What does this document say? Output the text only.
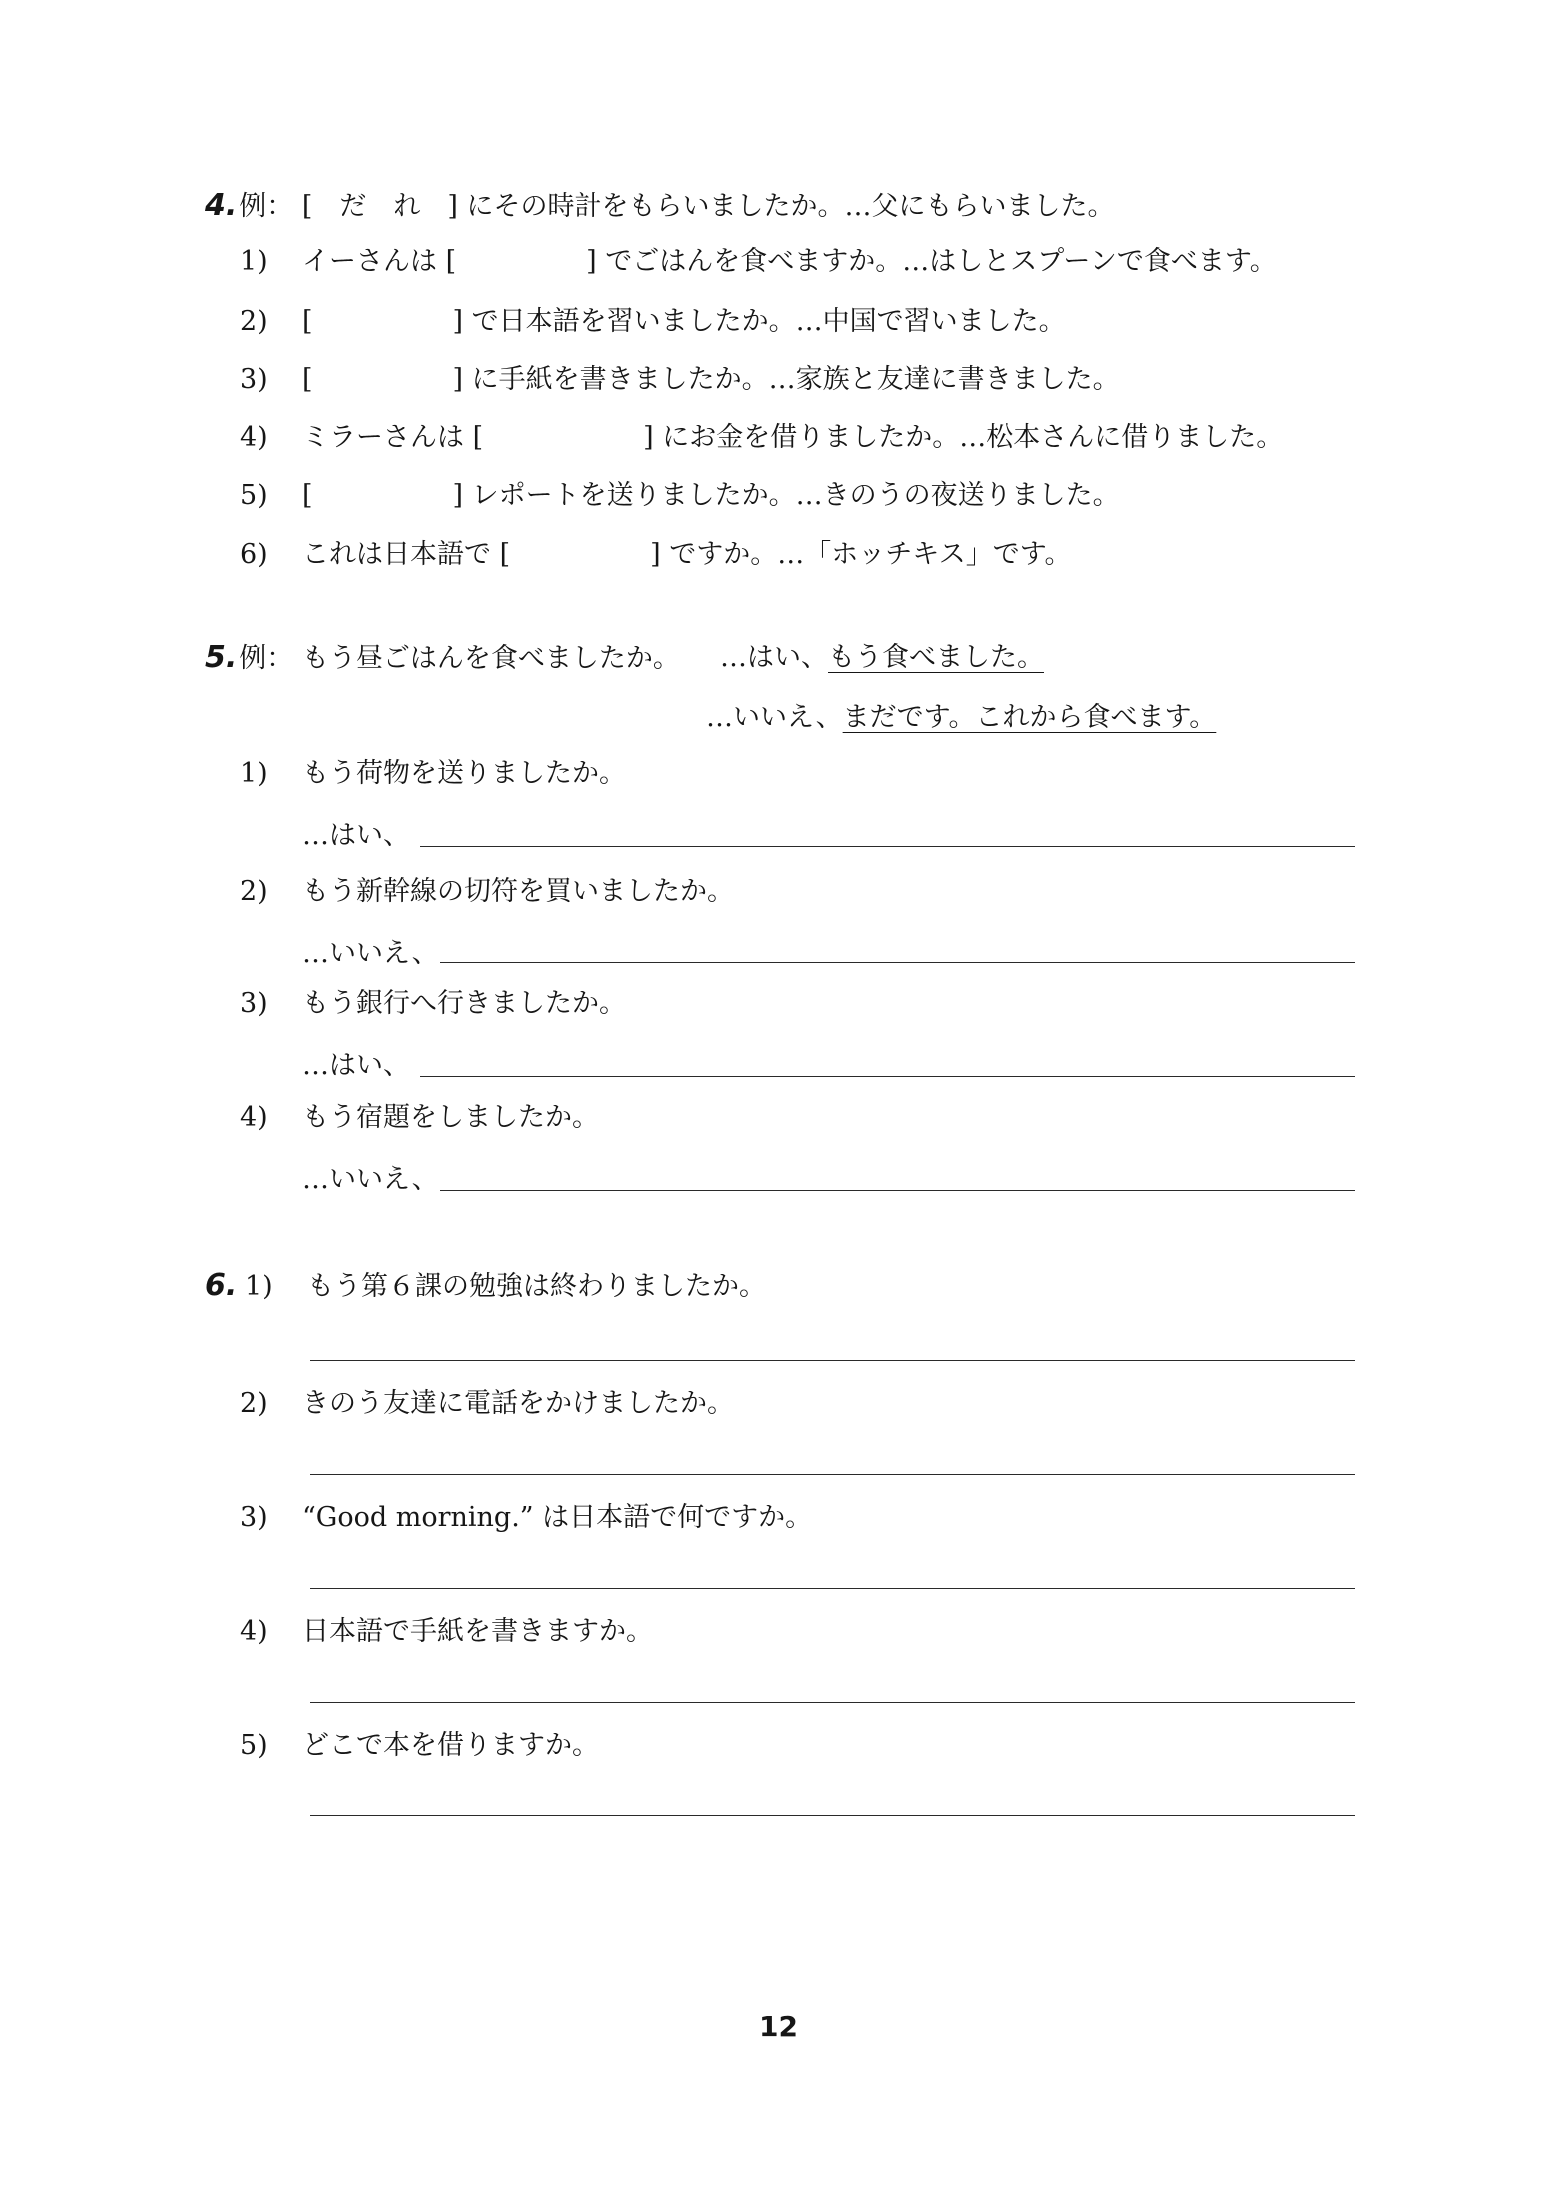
4.例： [　だ　れ　] にその時計をもらいましたか。…父にもらいました。
1) イーさんは [	] でごはんを食べますか。…はしとスプーンで食べます。
2) [	] で日本語を習いましたか。…中国で習いました。
3) [	] に手紙を書きましたか。…家族と友達に書きました。
4) ミラーさんは [	] にお金を借りましたか。…松本さんに借りました。
5) [	] レポートを送りましたか。…きのうの夜送りました。
6) これは日本語で [	] ですか。…「ホッチキス」です。
5.例： もう昼ごはんを食べましたか。 …はい、もう食べました。
…いいえ、まだです。これから食べます。
1) もう荷物を送りましたか。
…はい、
2) もう新幹線の切符を買いましたか。
…いいえ、
3) もう銀行へ行きましたか。
…はい、
4) もう宿題をしましたか。
…いいえ、
6. 1) もう第６課の勉強は終わりましたか。
2) きのう友達に電話をかけましたか。
3) “Good morning.” は日本語で何ですか。
4) 日本語で手紙を書きますか。
5) どこで本を借りますか。
12
